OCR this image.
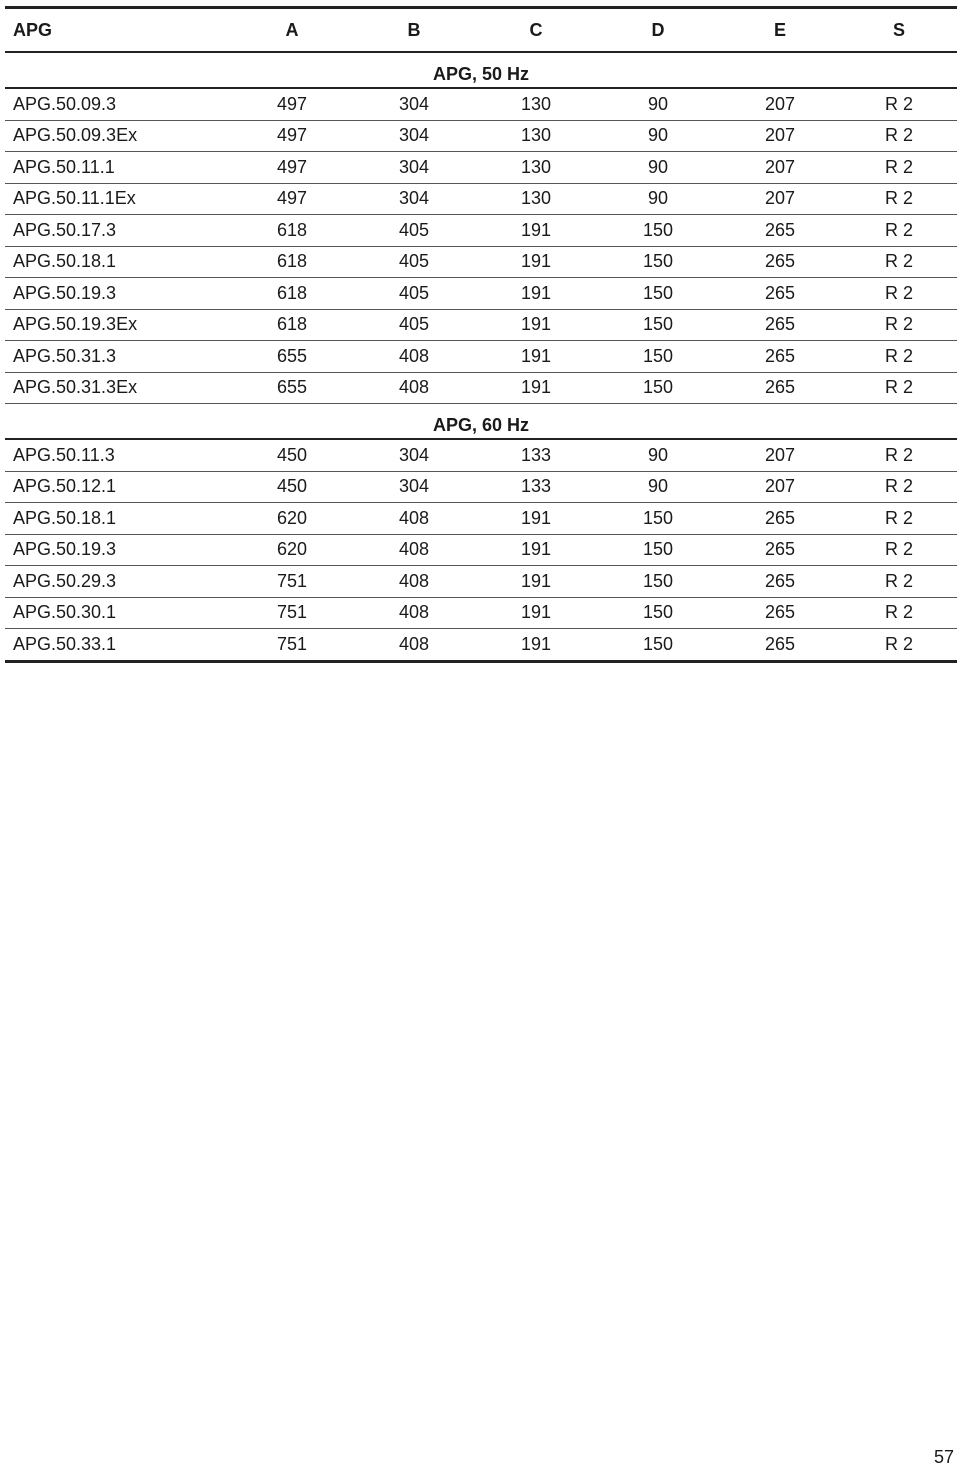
APG	A	B	C	D	E	S
APG, 50 Hz
APG.50.09.3	497	304	130	90	207	R 2
APG.50.09.3Ex	497	304	130	90	207	R 2
APG.50.11.1	497	304	130	90	207	R 2
APG.50.11.1Ex	497	304	130	90	207	R 2
APG.50.17.3	618	405	191	150	265	R 2
APG.50.18.1	618	405	191	150	265	R 2
APG.50.19.3	618	405	191	150	265	R 2
APG.50.19.3Ex	618	405	191	150	265	R 2
APG.50.31.3	655	408	191	150	265	R 2
APG.50.31.3Ex	655	408	191	150	265	R 2
APG, 60 Hz
APG.50.11.3	450	304	133	90	207	R 2
APG.50.12.1	450	304	133	90	207	R 2
APG.50.18.1	620	408	191	150	265	R 2
APG.50.19.3	620	408	191	150	265	R 2
APG.50.29.3	751	408	191	150	265	R 2
APG.50.30.1	751	408	191	150	265	R 2
APG.50.33.1	751	408	191	150	265	R 2
57
